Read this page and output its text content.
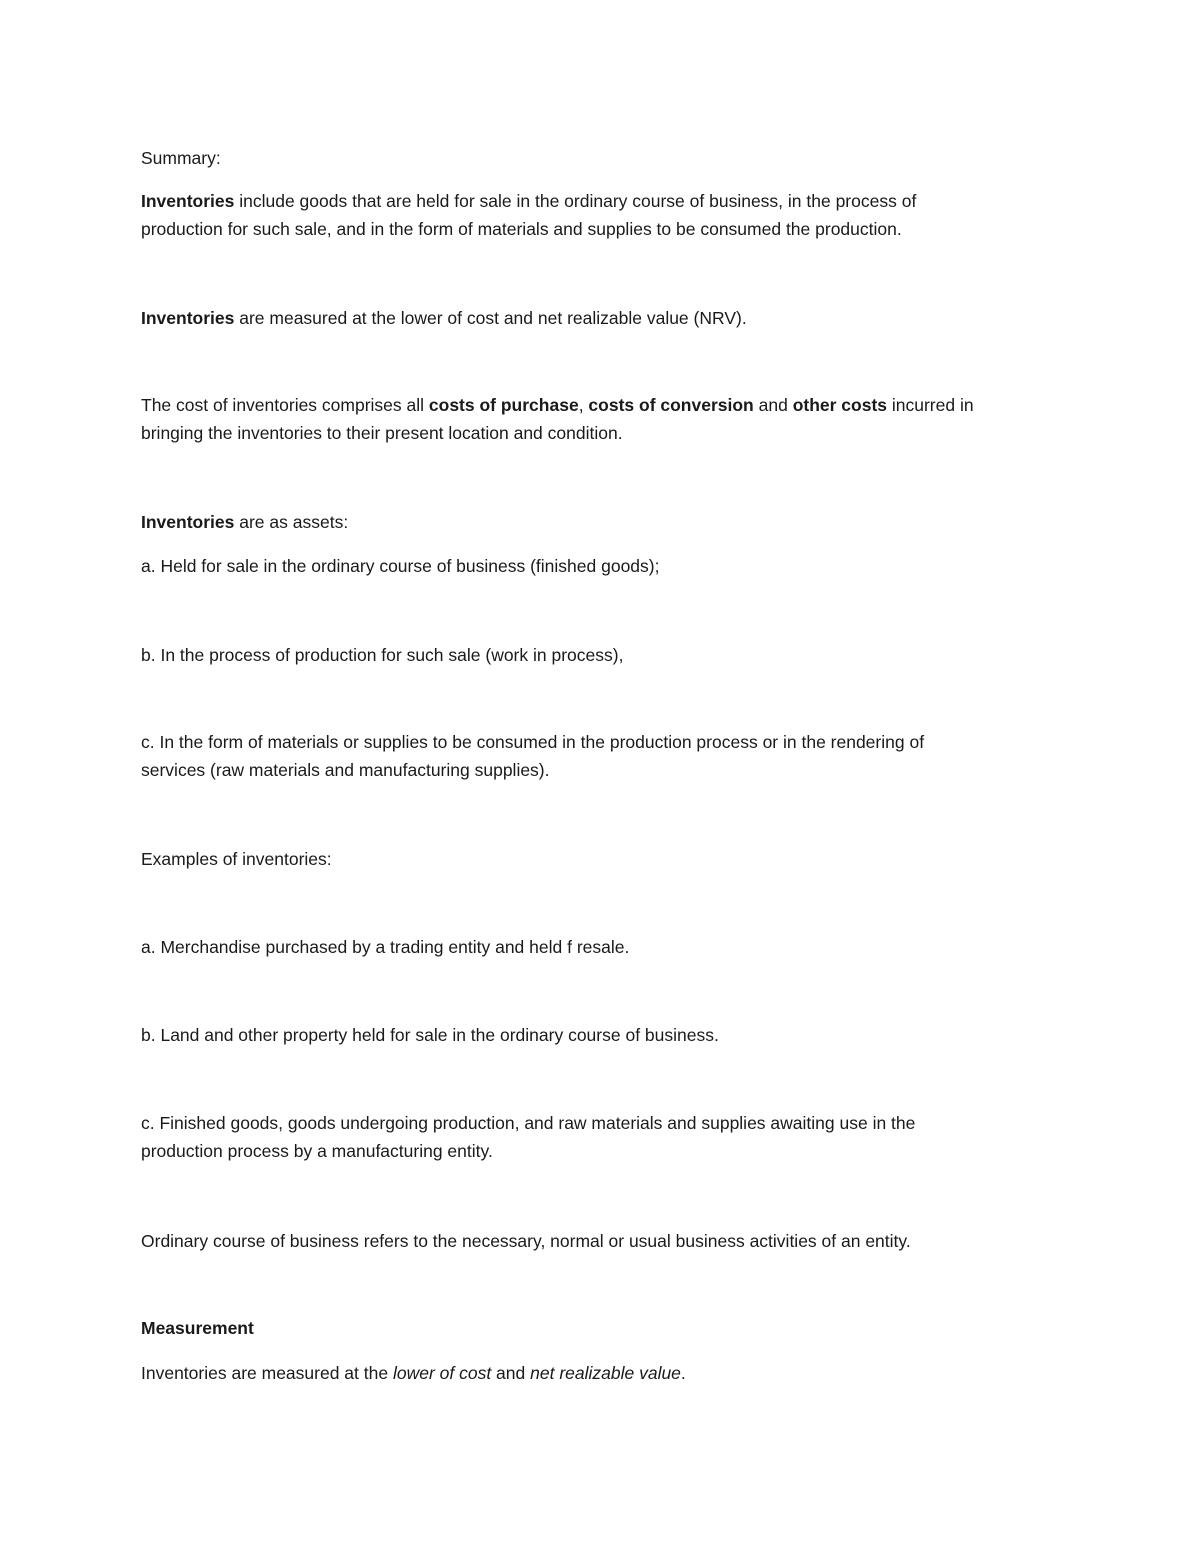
Summary:

Inventories include goods that are held for sale in the ordinary course of business, in the process of
production for such sale, and in the form of materials and supplies to be consumed the production.

Inventories are measured at the lower of cost and net realizable value (NRV).

The cost of inventories comprises all costs of purchase, costs of conversion and other costs incurred in
bringing the inventories to their present location and condition.

Inventories are as assets:

a. Held for sale in the ordinary course of business (finished goods);

b. In the process of production for such sale (work in process),

c. In the form of materials or supplies to be consumed in the production process or in the rendering of
services (raw materials and manufacturing supplies).

Examples of inventories:

a. Merchandise purchased by a trading entity and held f resale.

b. Land and other property held for sale in the ordinary course of business.

c. Finished goods, goods undergoing production, and raw materials and supplies awaiting use in the
production process by a manufacturing entity.

Ordinary course of business refers to the necessary, normal or usual business activities of an entity.

Measurement

Inventories are measured at the lower of cost and net realizable value.
